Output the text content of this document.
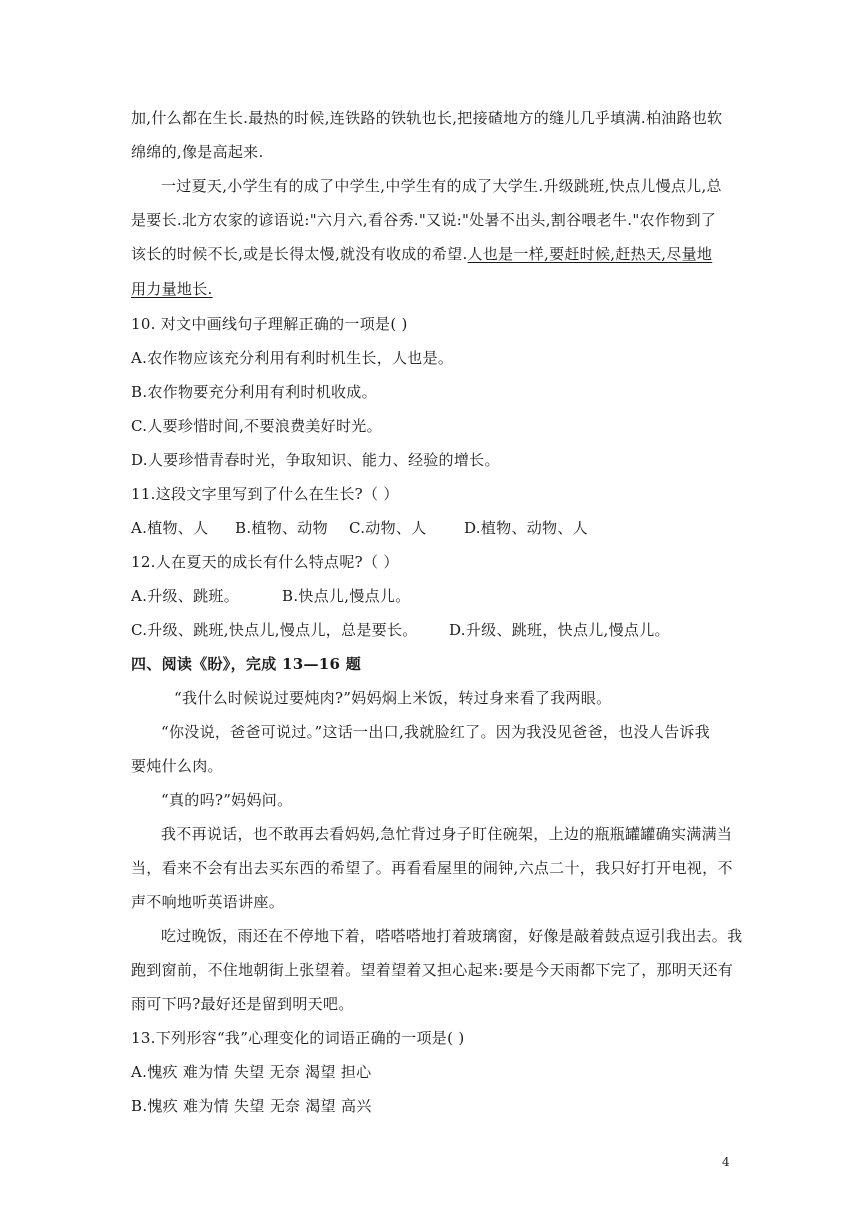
加,什么都在生长.最热的时候,连铁路的铁轨也长,把接碴地方的缝儿几乎填满.柏油路也软
绵绵的,像是高起来.
一过夏天,小学生有的成了中学生,中学生有的成了大学生.升级跳班,快点儿慢点儿,总
是要长.北方农家的谚语说:"六月六,看谷秀."又说:"处暑不出头,割谷喂老牛."农作物到了
该长的时候不长,或是长得太慢,就没有收成的希望.人也是一样,要赶时候,赶热天,尽量地
用力量地长.
10. 对文中画线句子理解正确的一项是( )
A.农作物应该充分利用有利时机生长，人也是。
B.农作物要充分利用有利时机收成。
C.人要珍惜时间,不要浪费美好时光。
D.人要珍惜青春时光，争取知识、能力、经验的增长。
11.这段文字里写到了什么在生长?（ ）
A.植物、人 B.植物、动物 C.动物、人 D.植物、动物、人
12.人在夏天的成长有什么特点呢?（ ）
A.升级、跳班。	B.快点儿,慢点儿。
C.升级、跳班,快点儿,慢点儿，总是要长。 D.升级、跳班，快点儿,慢点儿。
四、阅读《盼》，完成 13—16 题
“我什么时候说过要炖肉?”妈妈焖上米饭，转过身来看了我两眼。
“你没说，爸爸可说过。”这话一出口,我就脸红了。因为我没见爸爸，也没人告诉我
要炖什么肉。
“真的吗?”妈妈问。
我不再说话，也不敢再去看妈妈,急忙背过身子盯住碗架，上边的瓶瓶罐罐确实满满当
当，看来不会有出去买东西的希望了。再看看屋里的闹钟,六点二十，我只好打开电视，不
声不响地听英语讲座。
吃过晚饭，雨还在不停地下着，嗒嗒嗒地打着玻璃窗，好像是敲着鼓点逗引我出去。我
跑到窗前，不住地朝街上张望着。望着望着又担心起来:要是今天雨都下完了，那明天还有
雨可下吗?最好还是留到明天吧。
13.下列形容“我”心理变化的词语正确的一项是( )
A.愧疚 难为情 失望 无奈 渴望 担心
B.愧疚 难为情 失望 无奈 渴望 高兴
4
